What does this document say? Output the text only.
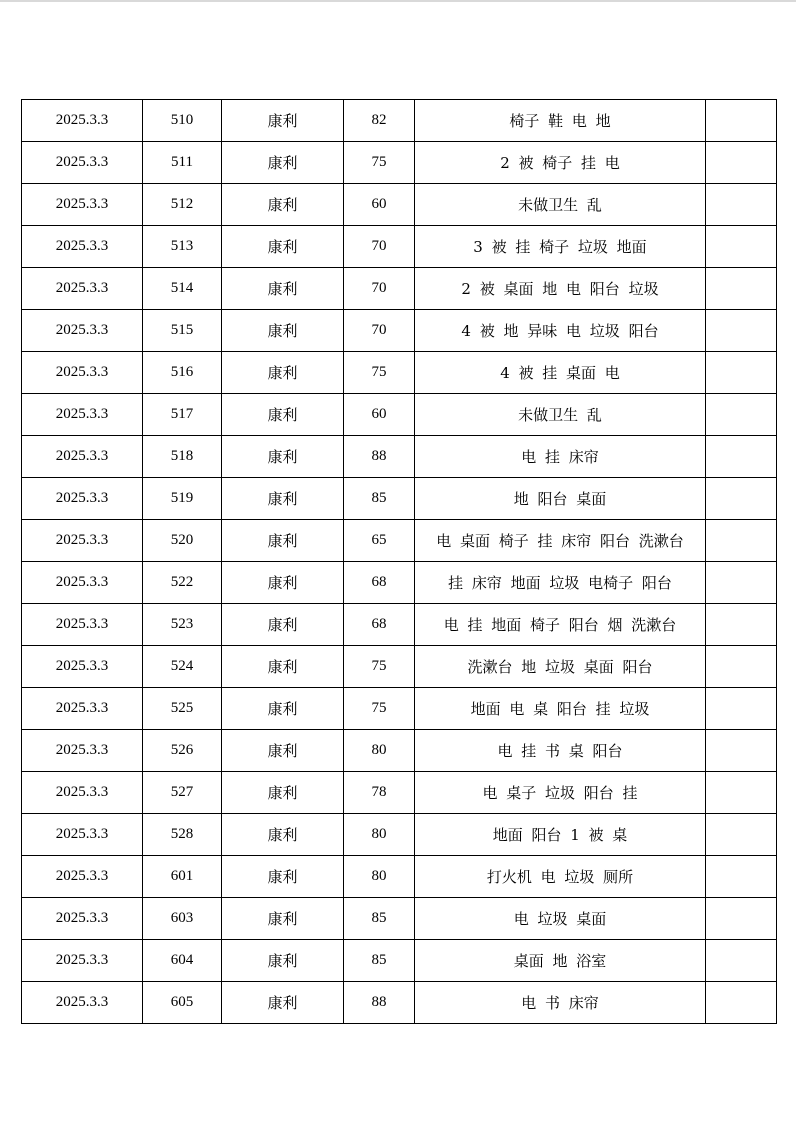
2025.3.3	510	康利	82	椅子 鞋 电 地	
2025.3.3	511	康利	75	2 被 椅子 挂 电	
2025.3.3	512	康利	60	未做卫生 乱	
2025.3.3	513	康利	70	3 被 挂 椅子 垃圾 地面	
2025.3.3	514	康利	70	2 被 桌面 地 电 阳台 垃圾	
2025.3.3	515	康利	70	4 被 地 异味 电 垃圾 阳台	
2025.3.3	516	康利	75	4 被 挂 桌面 电	
2025.3.3	517	康利	60	未做卫生 乱	
2025.3.3	518	康利	88	电 挂 床帘	
2025.3.3	519	康利	85	地 阳台 桌面	
2025.3.3	520	康利	65	电 桌面 椅子 挂 床帘 阳台 洗漱台	
2025.3.3	522	康利	68	挂 床帘 地面 垃圾 电椅子 阳台	
2025.3.3	523	康利	68	电 挂 地面 椅子 阳台 烟 洗漱台	
2025.3.3	524	康利	75	洗漱台 地 垃圾 桌面 阳台	
2025.3.3	525	康利	75	地面 电 桌 阳台 挂 垃圾	
2025.3.3	526	康利	80	电 挂 书 桌 阳台	
2025.3.3	527	康利	78	电 桌子 垃圾 阳台 挂	
2025.3.3	528	康利	80	地面 阳台 1 被 桌	
2025.3.3	601	康利	80	打火机 电 垃圾 厕所	
2025.3.3	603	康利	85	电 垃圾 桌面	
2025.3.3	604	康利	85	桌面 地 浴室	
2025.3.3	605	康利	88	电 书 床帘	
